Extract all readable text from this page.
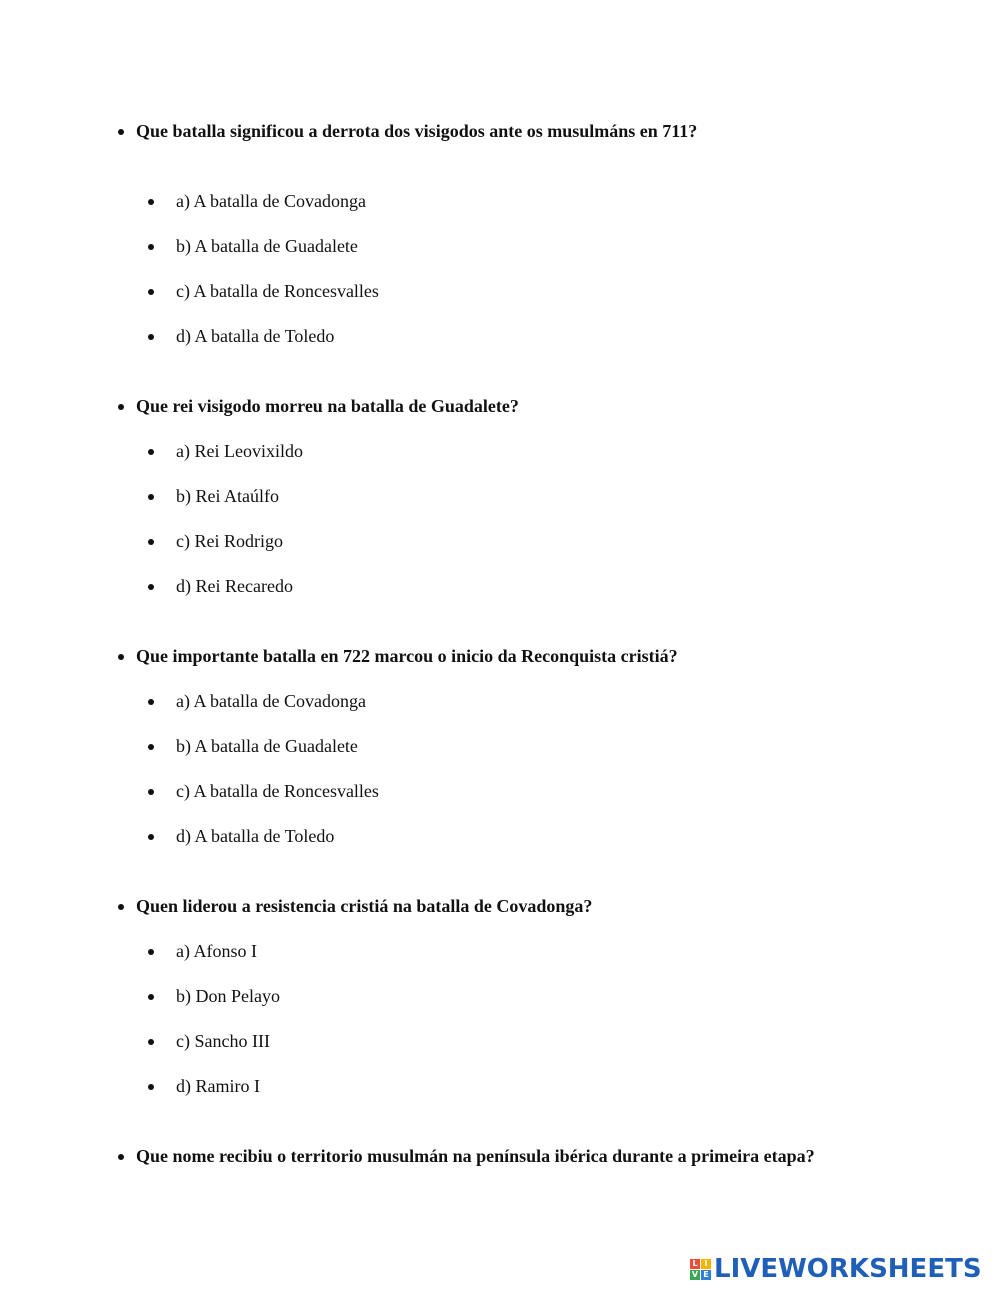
Que batalla significou a derrota dos visigodos ante os musulmáns en 711?
a) A batalla de Covadonga
b) A batalla de Guadalete
c) A batalla de Roncesvalles
d) A batalla de Toledo
Que rei visigodo morreu na batalla de Guadalete?
a) Rei Leovixildo
b) Rei Ataúlfo
c) Rei Rodrigo
d) Rei Recaredo
Que importante batalla en 722 marcou o inicio da Reconquista cristiá?
a) A batalla de Covadonga
b) A batalla de Guadalete
c) A batalla de Roncesvalles
d) A batalla de Toledo
Quen liderou a resistencia cristiá na batalla de Covadonga?
a) Afonso I
b) Don Pelayo
c) Sancho III
d) Ramiro I
Que nome recibiu o territorio musulmán na península ibérica durante a primeira etapa?
L I
V E LIVEWORKSHEETS
